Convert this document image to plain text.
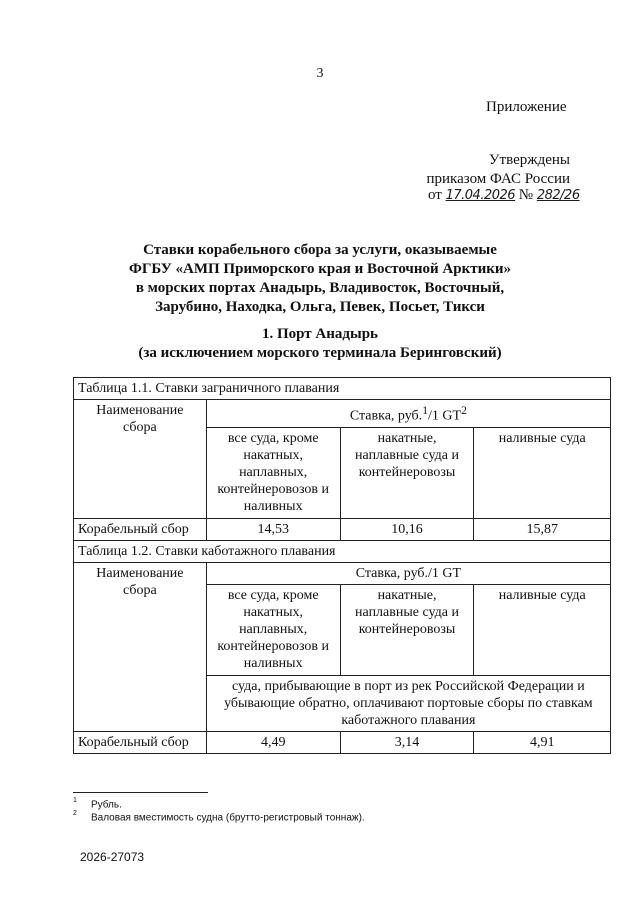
3
Приложение
Утверждены
приказом ФАС России
от 17.04.2026 № 282/26
Ставки корабельного сбора за услуги, оказываемые
ФГБУ «АМП Приморского края и Восточной Арктики»
в морских портах Анадырь, Владивосток, Восточный,
Зарубино, Находка, Ольга, Певек, Посьет, Тикси
1. Порт Анадырь
(за исключением морского терминала Беринговский)
Таблица 1.1. Ставки заграничного плавания			
Наименование сбора	Ставка, руб.$^1$/1 $GT^2$
	все суда, кроме накатных, наплавных, контейнеровозов и наливных	накатные, наплавные суда и контейнеровозы	наливные суда
Корабельный сбор	14,53	10,16	15,87
Таблица 1.2. Ставки каботажного плавания			
Наименование сбора	Ставка, руб./1 GT		
	все суда, кроме накатных, наплавных, контейнеровозов и наливных	накатные, наплавные суда и контейнеровозы	наливные суда
	суда, прибывающие в порт из рек Российской Федерации и убывающие обратно, оплачивают портовые сборы по ставкам каботажного плавания		
Корабельный сбор	4,49	3,14	4,91
$^1$ Рубль.
$^2$ Валовая вместимость судна (брутто-регистровый тоннаж).
2026-27073
